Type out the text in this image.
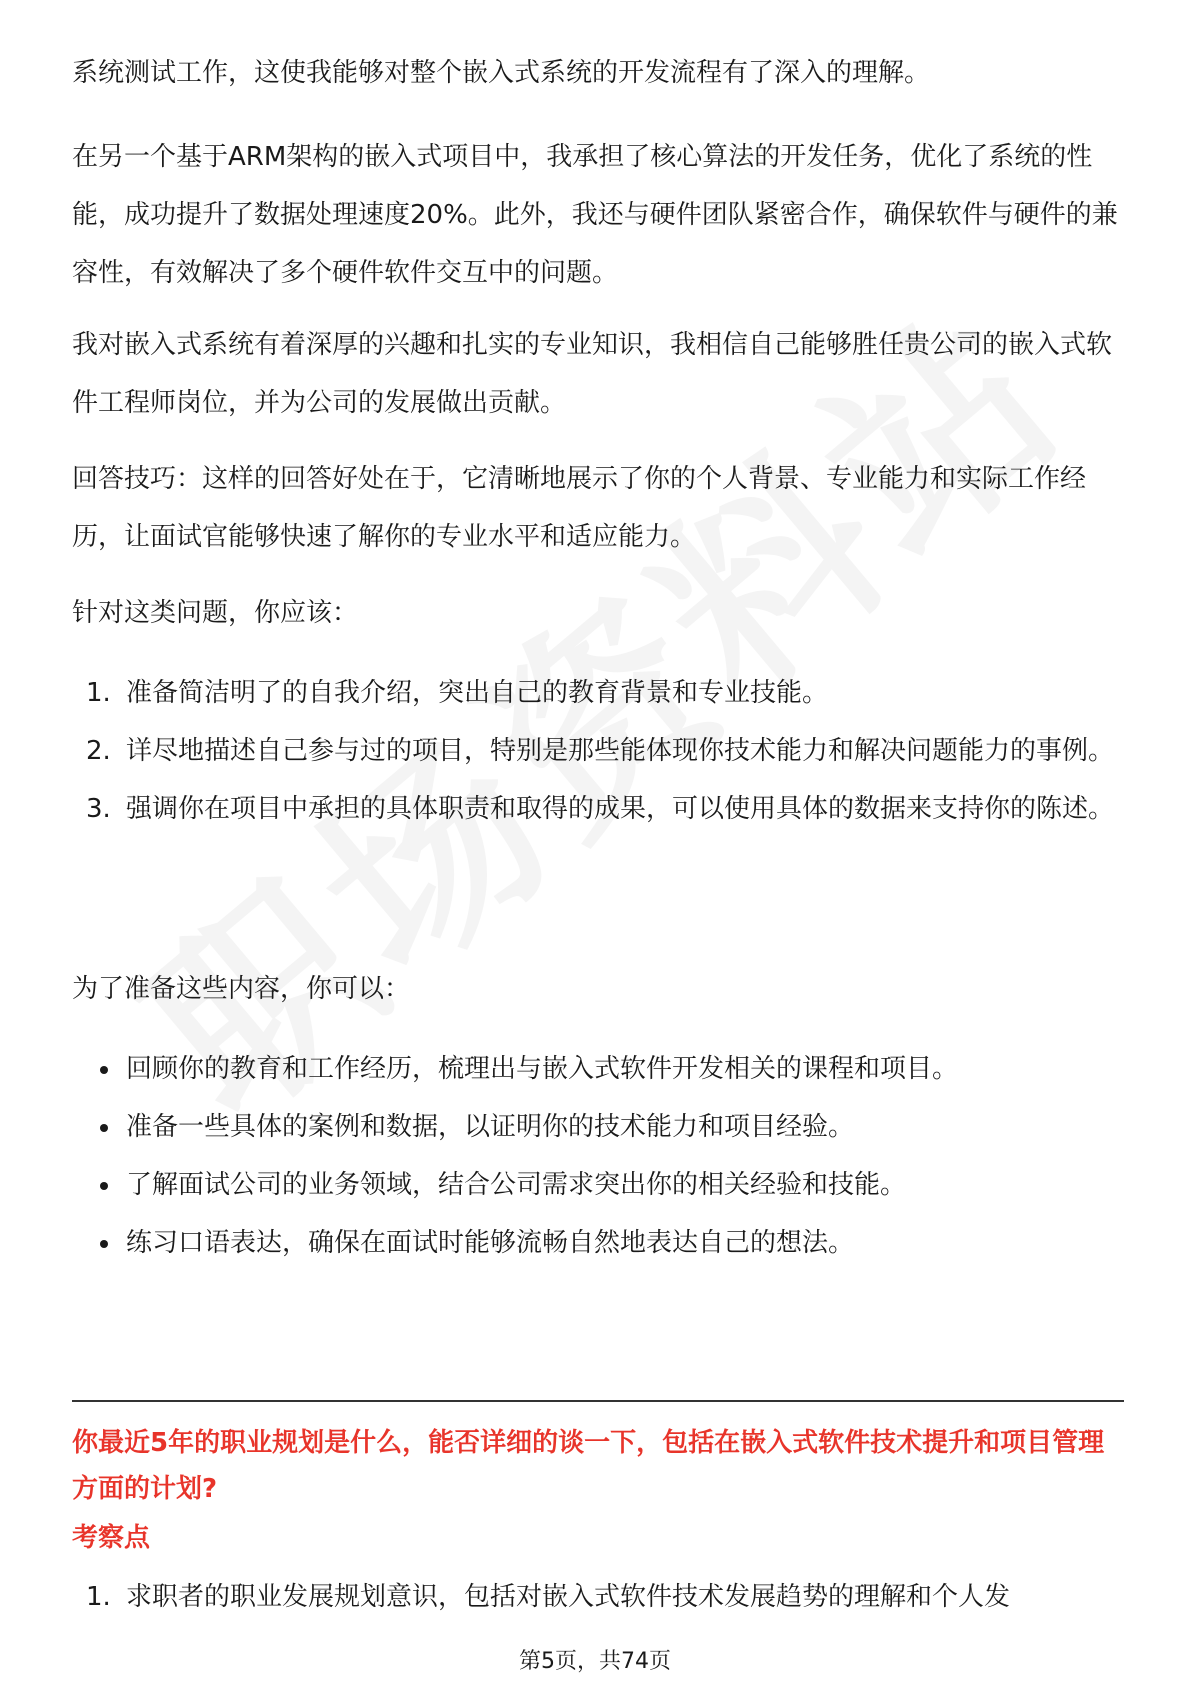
系统测试工作，这使我能够对整个嵌入式系统的开发流程有了深入的理解。

在另一个基于ARM架构的嵌入式项目中，我承担了核心算法的开发任务，优化了系统的性能，成功提升了数据处理速度20%。此外，我还与硬件团队紧密合作，确保软件与硬件的兼容性，有效解决了多个硬件软件交互中的问题。

我对嵌入式系统有着深厚的兴趣和扎实的专业知识，我相信自己能够胜任贵公司的嵌入式软件工程师岗位，并为公司的发展做出贡献。

回答技巧：这样的回答好处在于，它清晰地展示了你的个人背景、专业能力和实际工作经历，让面试官能够快速了解你的专业水平和适应能力。

针对这类问题，你应该：

1. 准备简洁明了的自我介绍，突出自己的教育背景和专业技能。
2. 详尽地描述自己参与过的项目，特别是那些能体现你技术能力和解决问题能力的事例。
3. 强调你在项目中承担的具体职责和取得的成果，可以使用具体的数据来支持你的陈述。

为了准备这些内容，你可以：

回顾你的教育和工作经历，梳理出与嵌入式软件开发相关的课程和项目。
准备一些具体的案例和数据，以证明你的技术能力和项目经验。
了解面试公司的业务领域，结合公司需求突出你的相关经验和技能。
练习口语表达，确保在面试时能够流畅自然地表达自己的想法。

你最近5年的职业规划是什么，能否详细的谈一下，包括在嵌入式软件技术提升和项目管理方面的计划?

考察点

1. 求职者的职业发展规划意识，包括对嵌入式软件技术发展趋势的理解和个人发
第5页，共74页
